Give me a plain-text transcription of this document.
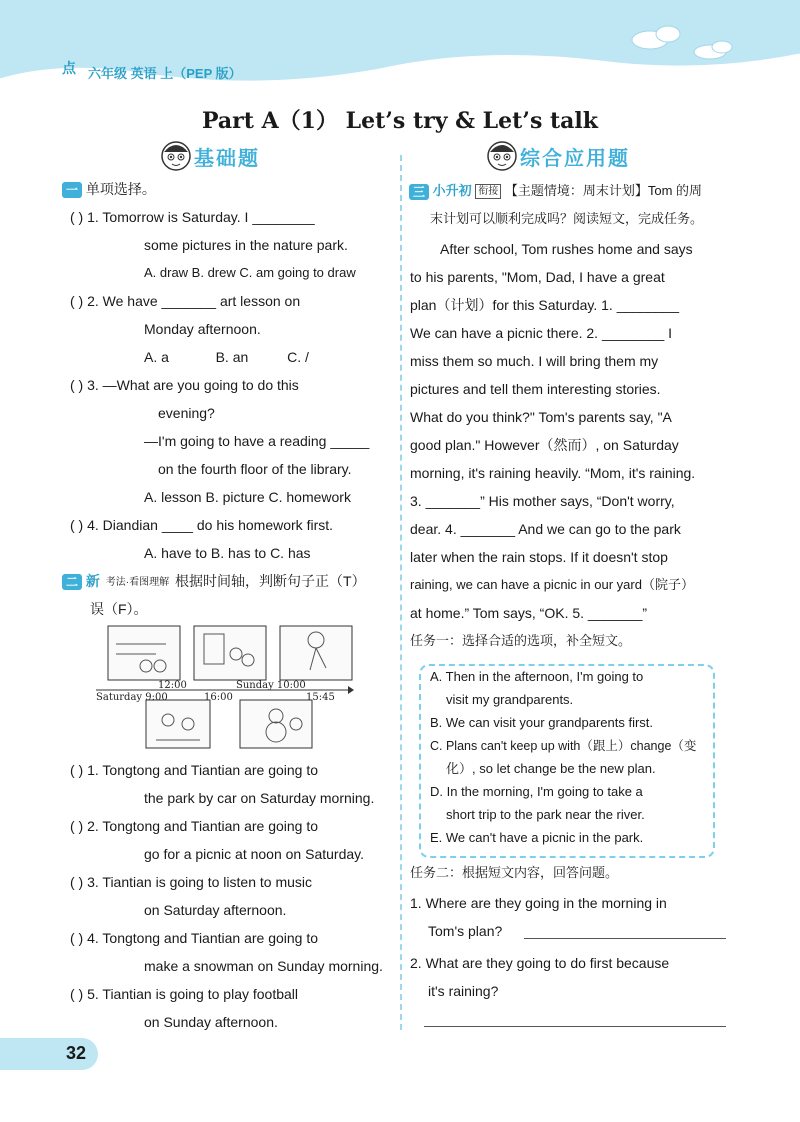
点 六年级 英语 上（PEP 版）
Part A（1） Let’s try & Let’s talk
基础题
一 单项选择。
( ) 1. Tomorrow is Saturday. I ________
some pictures in the nature park.
A. draw B. drew C. am going to draw
( ) 2. We have _______ art lesson on
Monday afternoon.
A. a            B. an          C. /
( ) 3. —What are you going to do this
evening?
—I'm going to have a reading _____
on the fourth floor of the library.
A. lesson B. picture C. homework
( ) 4. Diandian ____ do his homework first.
A. have to B. has to C. has
二 新 考法·看图理解 根据时间轴，判断句子正（T）
误（F）。
Saturday 9:00
12:00
16:00
Sunday 10:00
15:45
( ) 1. Tongtong and Tiantian are going to
the park by car on Saturday morning.
( ) 2. Tongtong and Tiantian are going to
go for a picnic at noon on Saturday.
( ) 3. Tiantian is going to listen to music
on Saturday afternoon.
( ) 4. Tongtong and Tiantian are going to
make a snowman on Sunday morning.
( ) 5. Tiantian is going to play football
on Sunday afternoon.
综合应用题
三 小升初 衔接 【主题情境：周末计划】Tom 的周
末计划可以顺利完成吗？阅读短文，完成任务。
After school, Tom rushes home and says
to his parents, "Mom, Dad, I have a great
plan（计划）for this Saturday. 1. ________
We can have a picnic there. 2. ________ I
miss them so much. I will bring them my
pictures and tell them interesting stories.
What do you think?" Tom's parents say, "A
good plan." However（然而）, on Saturday
morning, it's raining heavily. “Mom, it's raining.
3. _______” His mother says, “Don't worry,
dear. 4. _______ And we can go to the park
later when the rain stops. If it doesn't stop
raining, we can have a picnic in our yard（院子）
at home.” Tom says, “OK. 5. _______”
任务一：选择合适的选项，补全短文。
A. Then in the afternoon, I'm going to
visit my grandparents.
B. We can visit your grandparents first.
C. Plans can't keep up with（跟上）change（变
化）, so let change be the new plan.
D. In the morning, I'm going to take a
short trip to the park near the river.
E. We can't have a picnic in the park.
任务二：根据短文内容，回答问题。
1. Where are they going in the morning in
Tom's plan?
2. What are they going to do first because
it's raining?
32
